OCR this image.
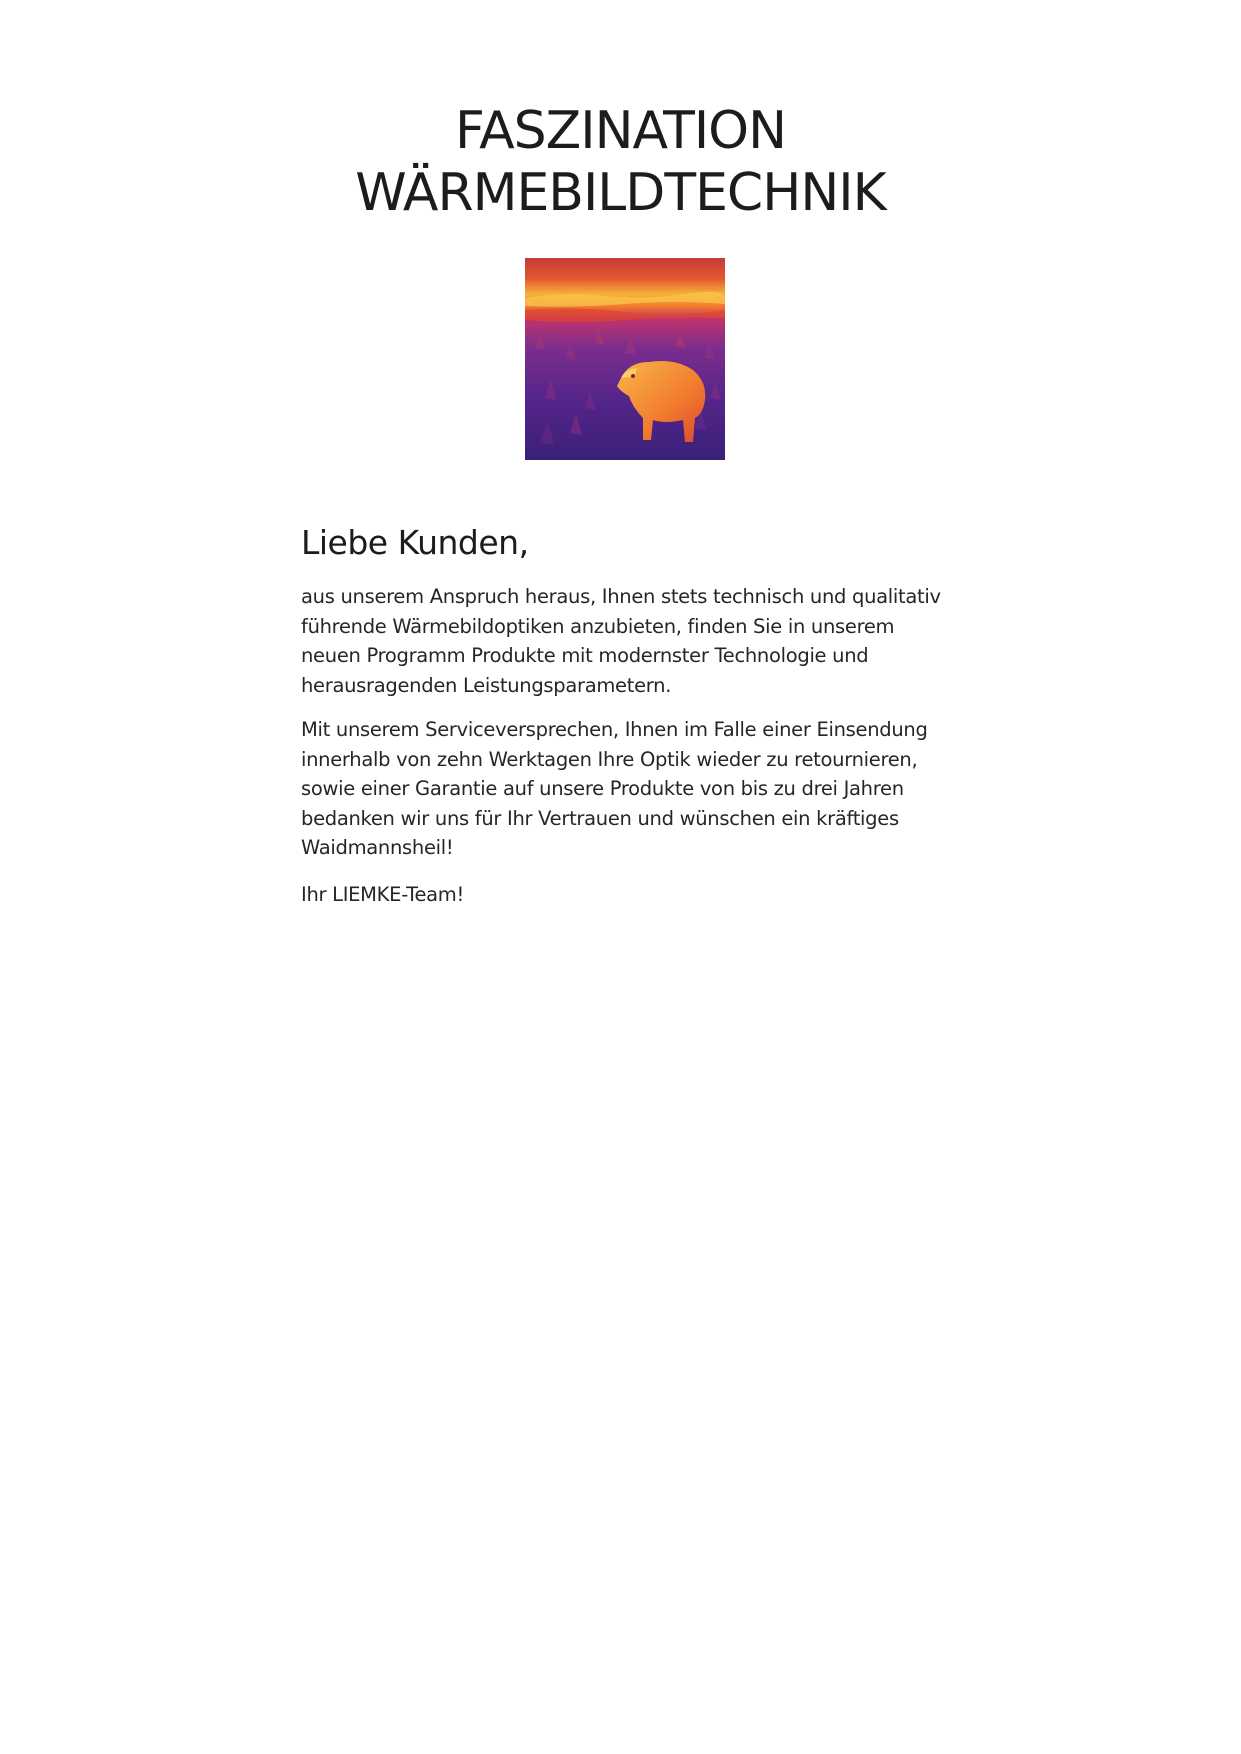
FASZINATION
WÄRMEBILDTECHNIK
Liebe Kunden,

aus unserem Anspruch heraus, Ihnen stets technisch und qualitativ
führende Wärmebildoptiken anzubieten, finden Sie in unserem
neuen Programm Produkte mit modernster Technologie und
herausragenden Leistungsparametern.

Mit unserem Serviceversprechen, Ihnen im Falle einer Einsendung
innerhalb von zehn Werktagen Ihre Optik wieder zu retournieren,
sowie einer Garantie auf unsere Produkte von bis zu drei Jahren
bedanken wir uns für Ihr Vertrauen und wünschen ein kräftiges
Waidmannsheil!

Ihr LIEMKE-Team!
